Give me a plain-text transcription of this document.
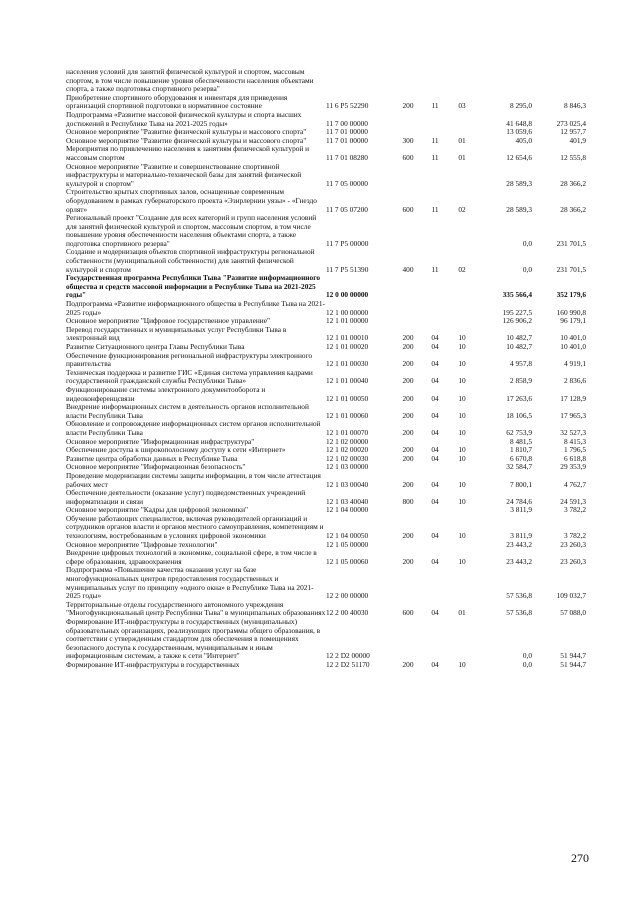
населения условий для занятий физической культурой и спортом, массовым спортом, в том числе повышение уровня обеспеченности населения объектами спорта, а также подготовка спортивного резерва"						
Приобретение спортивного оборудования и инвентаря для приведения организаций спортивной подготовки в нормативное состояние	11 6 P5 52290	200	11	03	8 295,0	8 846,3
Подпрограмма «Развитие массовой физической культуры и спорта высших достижений в Республике Тыва на 2021-2025 годы»	11 7 00 00000				41 648,8	273 025,4
Основное мероприятие "Развитие физической культуры и массового спорта"	11 7 01 00000				13 059,6	12 957,7
Основное мероприятие "Развитие физической культуры и массового спорта"	11 7 01 00000	300	11	01	405,0	401,9
Мероприятия по привлечению населения к занятиям физической культурой и массовым спортом	11 7 01 08280	600	11	01	12 654,6	12 555,8
Основное мероприятие "Развитие и совершенствование спортивной инфраструктуры и материально-технической базы для занятий физической культурой и спортом"	11 7 05 00000				28 589,3	28 366,2
Строительство крытых спортивных залов, оснащенные современным оборудованием в рамках губернаторского проекта «Эзирлернин уязы» - «Гнездо орлят»	11 7 05 07200	600	11	02	28 589,3	28 366,2
Региональный проект "Создание для всех категорий и групп населения условий для занятий физической культурой и спортом, массовым спортом, в том числе повышение уровня обеспеченности населения объектами спорта, а также подготовка спортивного резерва"	11 7 P5 00000				0,0	231 701,5
Создание и модернизация объектов спортивной инфраструктуры региональной собственности (муниципальной собственности) для занятий физической культурой и спортом	11 7 P5 51390	400	11	02	0,0	231 701,5
Государственная программа Республики Тыва "Развитие информационного общества и средств массовой информации в Республике Тыва на 2021-2025 годы"	12 0 00 00000				335 566,4	352 179,6
Подпрограмма «Развитие информационного общества в Республике Тыва на 2021-2025 годы»	12 1 00 00000				195 227,5	160 990,8
Основное мероприятие "Цифровое государственное управление"	12 1 01 00000				126 906,2	96 179,1
Перевод государственных и муниципальных услуг Республики Тыва в электронный вид	12 1 01 00010	200	04	10	10 482,7	10 401,0
Развитие Ситуационного центра Главы Республики Тыва	12 1 01 00020	200	04	10	10 482,7	10 401,0
Обеспечение функционирования региональной инфраструктуры электронного правительства	12 1 01 00030	200	04	10	4 957,8	4 919,1
Техническая поддержка и развитие ГИС «Единая система управления кадрами государственной гражданской службы Республики Тыва»	12 1 01 00040	200	04	10	2 858,9	2 836,6
Функционирование системы электронного документооборота и видеоконференцсвязи	12 1 01 00050	200	04	10	17 263,6	17 128,9
Внедрение информационных систем в деятельность органов исполнительной власти Республики Тыва	12 1 01 00060	200	04	10	18 106,5	17 965,3
Обновление и сопровождение информационных систем органов исполнительной власти Республики Тыва	12 1 01 00070	200	04	10	62 753,9	32 527,3
Основное мероприятие "Информационная инфраструктура"	12 1 02 00000				8 481,5	8 415,3
Обеспечение доступа к широкополосному доступу к сети «Интернет»	12 1 02 00020	200	04	10	1 810,7	1 796,5
Развитие центра обработки данных в Республике Тыва	12 1 02 00030	200	04	10	6 670,8	6 618,8
Основное мероприятие "Информационная безопасность"	12 1 03 00000				32 584,7	29 353,9
Проведение модернизации системы защиты информации, в том числе аттестация рабочих мест	12 1 03 00040	200	04	10	7 800,1	4 762,7
Обеспечение деятельности (оказание услуг) подведомственных учреждений информатизации и связи	12 1 03 40040	800	04	10	24 784,6	24 591,3
Основное мероприятие "Кадры для цифровой экономики"	12 1 04 00000				3 811,9	3 782,2
Обучение работающих специалистов, включая руководителей организаций и сотрудников органов власти и органов местного самоуправления, компетенциям и технологиям, востребованным в условиях цифровой экономики	12 1 04 00050	200	04	10	3 811,9	3 782,2
Основное мероприятие "Цифровые технологии"	12 1 05 00000				23 443,2	23 260,3
Внедрение цифровых технологий в экономике, социальной сфере, в том числе в сфере образования, здравоохранения	12 1 05 00060	200	04	10	23 443,2	23 260,3
Подпрограмма «Повышение качества оказания услуг на базе многофункциональных центров предоставления государственных и муниципальных услуг по принципу «одного окна» в Республике Тыва на 2021-2025 годы»	12 2 00 00000				57 536,8	109 032,7
Территориальные отделы государственного автономного учреждения "Многофункциональный центр Республики Тыва" в муниципальных образованиях	12 2 00 40030	600	04	01	57 536,8	57 088,0
Формирование ИТ-инфраструктуры в государственных (муниципальных) образовательных организациях, реализующих программы общего образования, в соответствии с утвержденным стандартом для обеспечения в помещениях безопасного доступа к государственным, муниципальным и иным информационным системам, а также к сети "Интернет"	12 2 D2 00000				0,0	51 944,7
Формирование ИТ-инфраструктуры в государственных	12 2 D2 51170	200	04	10	0,0	51 944,7
270
